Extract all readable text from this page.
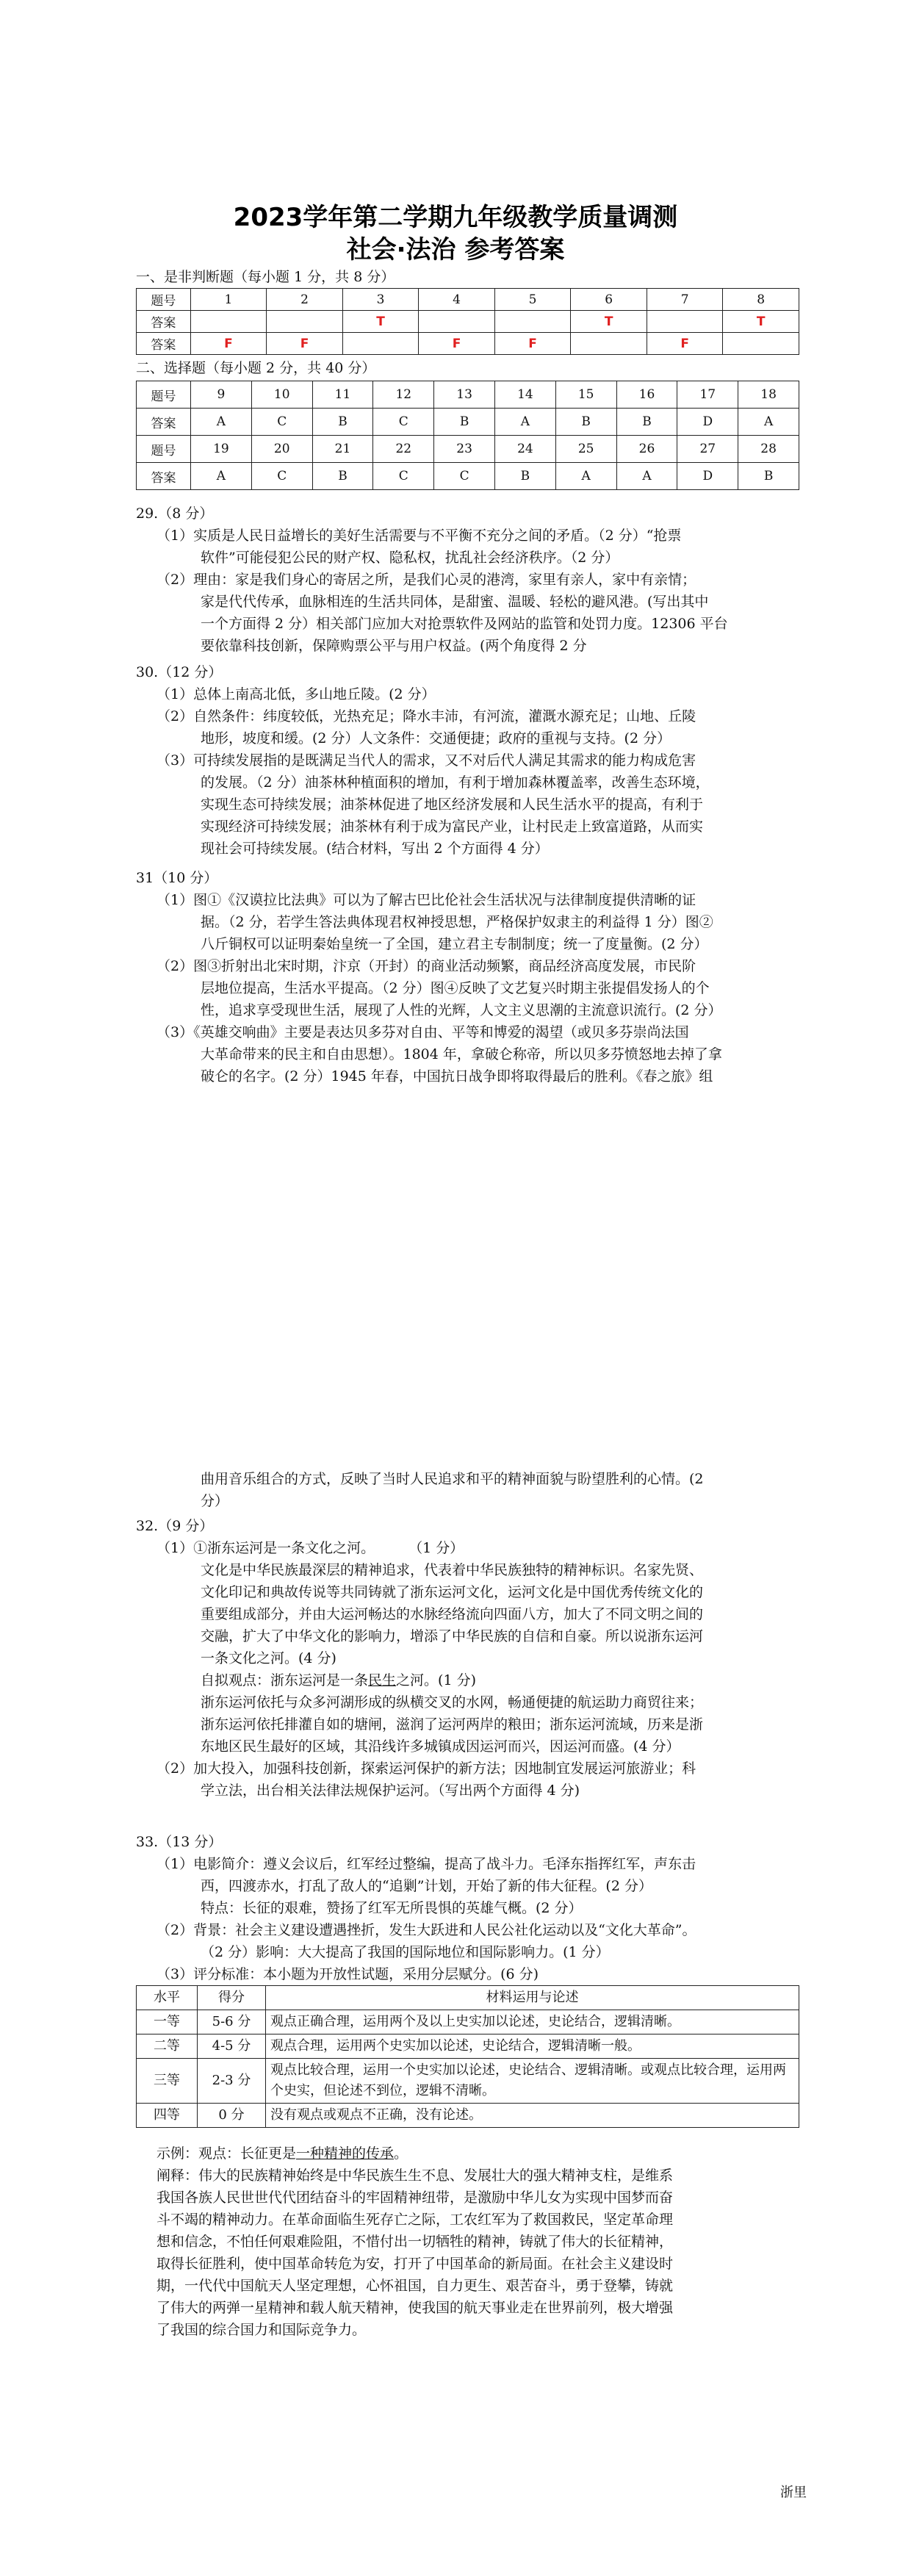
2023学年第二学期九年级教学质量调测
社会·法治 参考答案
一、是非判断题（每小题 1 分，共 8 分）
题号	1	2	3	4	5	6	7	8
答案			T			T		T
答案	F	F		F	F		F	
二、选择题（每小题 2 分，共 40 分）
题号	9	10	11	12	13	14	15	16	17	18
答案	A	C	B	C	B	A	B	B	D	A
题号	19	20	21	22	23	24	25	26	27	28
答案	A	C	B	C	C	B	A	A	D	B

29.（8 分）

（1）实质是人民日益增长的美好生活需要与不平衡不充分之间的矛盾。（2 分）“抢票

软件”可能侵犯公民的财产权、隐私权，扰乱社会经济秩序。（2 分）

（2）理由：家是我们身心的寄居之所，是我们心灵的港湾，家里有亲人，家中有亲情；

家是代代传承，血脉相连的生活共同体，是甜蜜、温暖、轻松的避风港。(写出其中

一个方面得 2 分）相关部门应加大对抢票软件及网站的监管和处罚力度。12306 平台

要依靠科技创新，保障购票公平与用户权益。(两个角度得 2 分

30.（12 分）

（1）总体上南高北低，多山地丘陵。(2 分）

（2）自然条件：纬度较低，光热充足；降水丰沛，有河流，灌溉水源充足；山地、丘陵

地形，坡度和缓。(2 分）人文条件：交通便捷；政府的重视与支持。(2 分）

（3）可持续发展指的是既满足当代人的需求，又不对后代人满足其需求的能力构成危害

的发展。（2 分）油茶林种植面积的增加，有利于增加森林覆盖率，改善生态环境，

实现生态可持续发展；油茶林促进了地区经济发展和人民生活水平的提高，有利于

实现经济可持续发展；油茶林有利于成为富民产业，让村民走上致富道路，从而实

现社会可持续发展。(结合材料，写出 2 个方面得 4 分）

31（10 分）

（1）图①《汉谟拉比法典》可以为了解古巴比伦社会生活状况与法律制度提供清晰的证

据。（2 分，若学生答法典体现君权神授思想，严格保护奴隶主的利益得 1 分）图②

八斤铜权可以证明秦始皇统一了全国，建立君主专制制度；统一了度量衡。(2 分）

（2）图③折射出北宋时期，汴京（开封）的商业活动频繁，商品经济高度发展，市民阶

层地位提高，生活水平提高。（2 分）图④反映了文艺复兴时期主张提倡发扬人的个

性，追求享受现世生活，展现了人性的光辉，人文主义思潮的主流意识流行。(2 分）

（3）《英雄交响曲》主要是表达贝多芬对自由、平等和博爱的渴望（或贝多芬崇尚法国

大革命带来的民主和自由思想）。1804 年，拿破仑称帝，所以贝多芬愤怒地去掉了拿

破仑的名字。(2 分）1945 年春，中国抗日战争即将取得最后的胜利。《春之旅》组

曲用音乐组合的方式，反映了当时人民追求和平的精神面貌与盼望胜利的心情。(2

分）

32.（9 分）

（1）①浙东运河是一条文化之河。 （1 分）

文化是中华民族最深层的精神追求，代表着中华民族独特的精神标识。名家先贤、

文化印记和典故传说等共同铸就了浙东运河文化，运河文化是中国优秀传统文化的

重要组成部分，并由大运河畅达的水脉经络流向四面八方，加大了不同文明之间的

交融，扩大了中华文化的影响力，增添了中华民族的自信和自豪。所以说浙东运河

一条文化之河。(4 分)

自拟观点：浙东运河是一条民生之河。(1 分)

浙东运河依托与众多河湖形成的纵横交叉的水网，畅通便捷的航运助力商贸往来；

浙东运河依托排灌自如的塘闸，滋润了运河两岸的粮田；浙东运河流域，历来是浙

东地区民生最好的区域，其沿线许多城镇成因运河而兴，因运河而盛。(4 分）

（2）加大投入，加强科技创新，探索运河保护的新方法；因地制宜发展运河旅游业；科

学立法，出台相关法律法规保护运河。（写出两个方面得 4 分)

33.（13 分）

（1）电影简介：遵义会议后，红军经过整编，提高了战斗力。毛泽东指挥红军，声东击

西，四渡赤水，打乱了敌人的“追剿”计划，开始了新的伟大征程。(2 分）

特点：长征的艰难，赞扬了红军无所畏惧的英雄气概。(2 分）

（2）背景：社会主义建设遭遇挫折，发生大跃进和人民公社化运动以及“文化大革命”。

（2 分）影响：大大提高了我国的国际地位和国际影响力。(1 分）

（3）评分标准：本小题为开放性试题，采用分层赋分。(6 分)

水平	得分	材料运用与论述
一等	5-6 分	观点正确合理，运用两个及以上史实加以论述，史论结合，逻辑清晰。
二等	4-5 分	观点合理，运用两个史实加以论述，史论结合，逻辑清晰一般。
三等	2-3 分	观点比较合理，运用一个史实加以论述，史论结合、逻辑清晰。或观点比较合理，运用两个史实，但论述不到位，逻辑不清晰。
四等	0 分	没有观点或观点不正确，没有论述。

示例：观点：长征更是一种精神的传承。

阐释：伟大的民族精神始终是中华民族生生不息、发展壮大的强大精神支柱，是维系

我国各族人民世世代代团结奋斗的牢固精神纽带，是激励中华儿女为实现中国梦而奋

斗不竭的精神动力。在革命面临生死存亡之际，工农红军为了救国救民，坚定革命理

想和信念，不怕任何艰难险阻，不惜付出一切牺牲的精神，铸就了伟大的长征精神，

取得长征胜利，使中国革命转危为安，打开了中国革命的新局面。在社会主义建设时

期，一代代中国航天人坚定理想，心怀祖国，自力更生、艰苦奋斗，勇于登攀，铸就

了伟大的两弹一星精神和载人航天精神，使我国的航天事业走在世界前列，极大增强

了我国的综合国力和国际竞争力。

浙里
